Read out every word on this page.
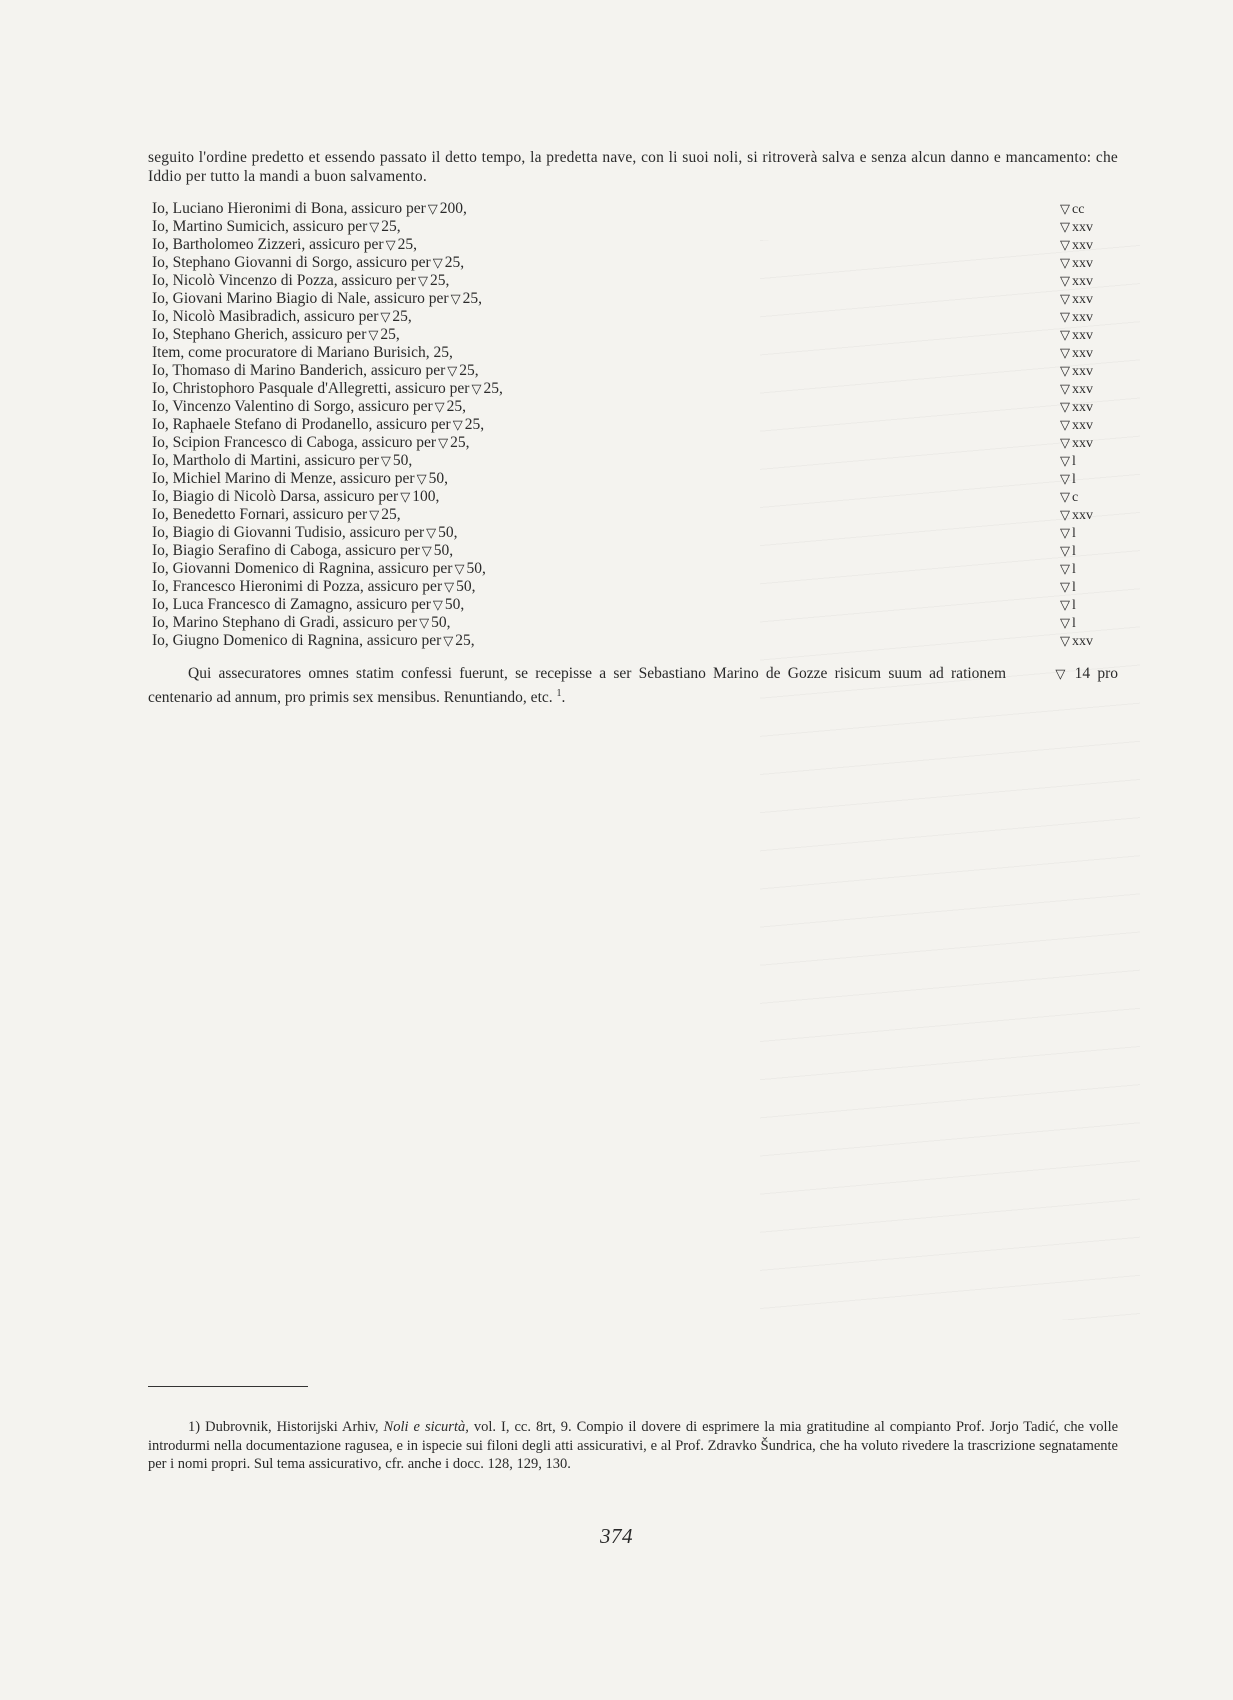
seguito l'ordine predetto et essendo passato il detto tempo, la predetta nave, con li suoi noli, si ritroverà salva e senza alcun danno e mancamento: che Iddio per tutto la mandi a buon salvamento.

Io, Luciano Hieronimi di Bona, assicuro per ▽ 200,	▽ cc
Io, Martino Sumicich, assicuro per ▽ 25,	▽ xxv
Io, Bartholomeo Zizzeri, assicuro per ▽ 25,	▽ xxv
Io, Stephano Giovanni di Sorgo, assicuro per ▽ 25,	▽ xxv
Io, Nicolò Vincenzo di Pozza, assicuro per ▽ 25,	▽ xxv
Io, Giovani Marino Biagio di Nale, assicuro per ▽ 25,	▽ xxv
Io, Nicolò Masibradich, assicuro per ▽ 25,	▽ xxv
Io, Stephano Gherich, assicuro per ▽ 25,	▽ xxv
Item, come procuratore di Mariano Burisich, 25,	▽ xxv
Io, Thomaso di Marino Banderich, assicuro per ▽ 25,	▽ xxv
Io, Christophoro Pasquale d'Allegretti, assicuro per ▽ 25,	▽ xxv
Io, Vincenzo Valentino di Sorgo, assicuro per ▽ 25,	▽ xxv
Io, Raphaele Stefano di Prodanello, assicuro per ▽ 25,	▽ xxv
Io, Scipion Francesco di Caboga, assicuro per ▽ 25,	▽ xxv
Io, Martholo di Martini, assicuro per ▽ 50,	▽ l
Io, Michiel Marino di Menze, assicuro per ▽ 50,	▽ l
Io, Biagio di Nicolò Darsa, assicuro per ▽ 100,	▽ c
Io, Benedetto Fornari, assicuro per ▽ 25,	▽ xxv
Io, Biagio di Giovanni Tudisio, assicuro per ▽ 50,	▽ l
Io, Biagio Serafino di Caboga, assicuro per ▽ 50,	▽ l
Io, Giovanni Domenico di Ragnina, assicuro per ▽ 50,	▽ l
Io, Francesco Hieronimi di Pozza, assicuro per ▽ 50,	▽ l
Io, Luca Francesco di Zamagno, assicuro per ▽ 50,	▽ l
Io, Marino Stephano di Gradi, assicuro per ▽ 50,	▽ l
Io, Giugno Domenico di Ragnina, assicuro per ▽ 25,	▽ xxv

Qui assecuratores omnes statim confessi fuerunt, se recepisse a ser Sebastiano Marino de Gozze risicum suum ad rationem	▽ 14 pro centenario ad annum, pro primis sex mensibus. Renuntiando, etc. $^1$.

1) Dubrovnik, Historijski Arhiv, Noli e sicurtà, vol. I, cc. 8rt, 9. Compio il dovere di esprimere la mia gratitudine al compianto Prof. Jorjo Tadić, che volle introdurmi nella documentazione ragusea, e in ispecie sui filoni degli atti assicurativi, e al Prof. Zdravko Šundrica, che ha voluto rivedere la trascrizione segnatamente per i nomi propri. Sul tema assicurativo, cfr. anche i docc. 128, 129, 130.

374
